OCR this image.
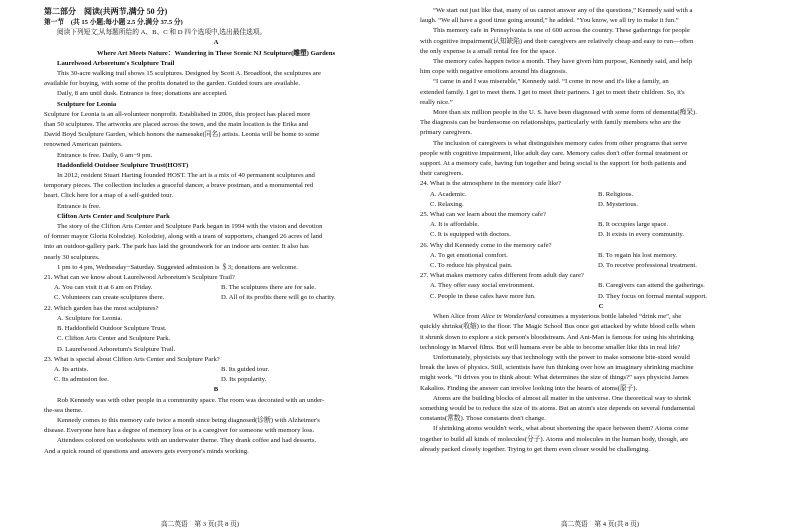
第二部分　阅读(共两节,满分 50 分)
第一节　(共 15 小题;每小题 2.5 分,满分 37.5 分)
阅读下列短文,从每题所给的 A、B、C 和 D 四个选项中,选出最佳选项。
A
Where Art Meets Nature：Wandering in These Scenic NJ Sculpture(雕塑) Gardens
Laurelwood Arboretum's Sculpture Trail
This 30-acre walking trail shows 15 sculptures. Designed by Scott A. Broadfoot, the sculptures are
available for buying, with some of the profits donated to the garden. Guided tours are available.
Daily, 8 am until dusk. Entrance is free; donations are accepted.
Sculpture for Leonia
Sculpture for Leonia is an all-volunteer nonprofit. Established in 2006, this project has placed more
than 50 sculptures. The artworks are placed across the town, and the main location is the Erika and
David Boyd Sculpture Garden, which honors the namesake(同名) artists. Leonia will be home to some
renowned American painters.
Entrance is free. Daily, 6 am−9 pm.
Haddonfield Outdoor Sculpture Trust(HOST)
In 2012, resident Stuart Harting founded HOST. The art is a mix of 40 permanent sculptures and
temporary pieces. The collection includes a graceful dancer, a brave postman, and a monumental red
heart. Click here for a map of a self-guided tour.
Entrance is free.
Clifton Arts Center and Sculpture Park
The story of the Clifton Arts Center and Sculpture Park began in 1994 with the vision and devotion
of former mayor Gloria Kolodziej. Kolodziej, along with a team of supporters, changed 26 acres of land
into an outdoor-gallery park. The park has laid the groundwork for an indoor arts center. It also has
nearly 30 sculptures.
1 pm to 4 pm, Wednesday−Saturday. Suggested admission is ＄3; donations are welcome.
21. What can we know about Laurelwood Arboretum's Sculpture Trail?
A. You can visit it at 6 am on Friday.	B. The sculptures there are for sale.
C. Volunteers can create sculptures there.	D. All of its profits there will go to charity.
22. Which garden has the most sculptures?
A. Sculpture for Leonia.
B. Haddonfield Outdoor Sculpture Trust.
C. Clifton Arts Center and Sculpture Park.
D. Laurelwood Arboretum's Sculpture Trail.
23. What is special about Clifton Arts Center and Sculpture Park?
A. Its artists.	B. Its guided tour.
C. Its admission fee.	D. Its popularity.
B
Rob Kennedy was with other people in a community space. The room was decorated with an under-
the-sea theme.
Kennedy comes to this memory cafe twice a month since being diagnosed(诊断) with Alzheimer's
disease. Everyone here has a degree of memory loss or is a caregiver for someone with memory loss.
Attendees colored on worksheets with an underwater theme. They drank coffee and had desserts.
And a quick round of questions and answers gets everyone's minds working.
高二英语　第 3 页(共 8 页)
“We start out just like that, many of us cannot answer any of the questions,” Kennedy said with a
laugh. “We all have a good time going around,” he added. “You know, we all try to make it fun.”
This memory cafe in Pennsylvania is one of 600 across the country. These gatherings for people
with cognitive impairment(认知缺陷) and their caregivers are relatively cheap and easy to run—often
the only expense is a small rental fee for the space.
The memory cafes happen twice a month. They have given him purpose, Kennedy said, and help
him cope with negative emotions around his diagnosis.
“I came in and I was miserable,” Kennedy said. “I come in now and it's like a family, an
extended family. I get to meet them. I get to meet their partners. I get to meet their children. So, it's
really nice.”
More than six million people in the U. S. have been diagnosed with some form of dementia(痴呆).
The diagnosis can be burdensome on relationships, particularly with family members who are the
primary caregivers.
The inclusion of caregivers is what distinguishes memory cafes from other programs that serve
people with cognitive impairment, like adult day care. Memory cafes don't offer formal treatment or
support. At a memory cafe, having fun together and being social is the support for both patients and
their caregivers.
24. What is the atmosphere in the memory cafe like?
A. Academic.	B. Religious.
C. Relaxing.	D. Mysterious.
25. What can we learn about the memory cafe?
A. It is affordable.	B. It occupies large space.
C. It is equipped with doctors.	D. It exists in every community.
26. Why did Kennedy come to the memory cafe?
A. To get emotional comfort.	B. To regain his lost memory.
C. To reduce his physical pain.	D. To receive professional treatment.
27. What makes memory cafes different from adult day care?
A. They offer easy social environment.	B. Caregivers can attend the gatherings.
C. People in these cafes have more fun.	D. They focus on formal mental support.
C
When Alice from Alice in Wonderland consumes a mysterious bottle labeled “drink me”, she
quickly shrinks(收缩) to the floor. The Magic School Bus once got attacked by white blood cells when
it shrunk down to explore a sick person's bloodstream. And Ant-Man is famous for using his shrinking
technology in Marvel films. But will humans ever be able to become smaller like this in real life?
Unfortunately, physicists say that technology with the power to make someone bite-sized would
break the laws of physics. Still, scientists have fun thinking over how an imaginary shrinking machine
might work. “It drives you to think about: What determines the size of things?” says physicist James
Kakalios. Finding the answer can involve looking into the hearts of atoms(原子).
Atoms are the building blocks of almost all matter in the universe. One theoretical way to shrink
something would be to reduce the size of its atoms. But an atom's size depends on several fundamental
constants(常数). Those constants don't change.
If shrinking atoms wouldn't work, what about shortening the space between them? Atoms come
together to build all kinds of molecules(分子). Atoms and molecules in the human body, though, are
already packed closely together. Trying to get them even closer would be challenging.
高二英语　第 4 页(共 8 页)
